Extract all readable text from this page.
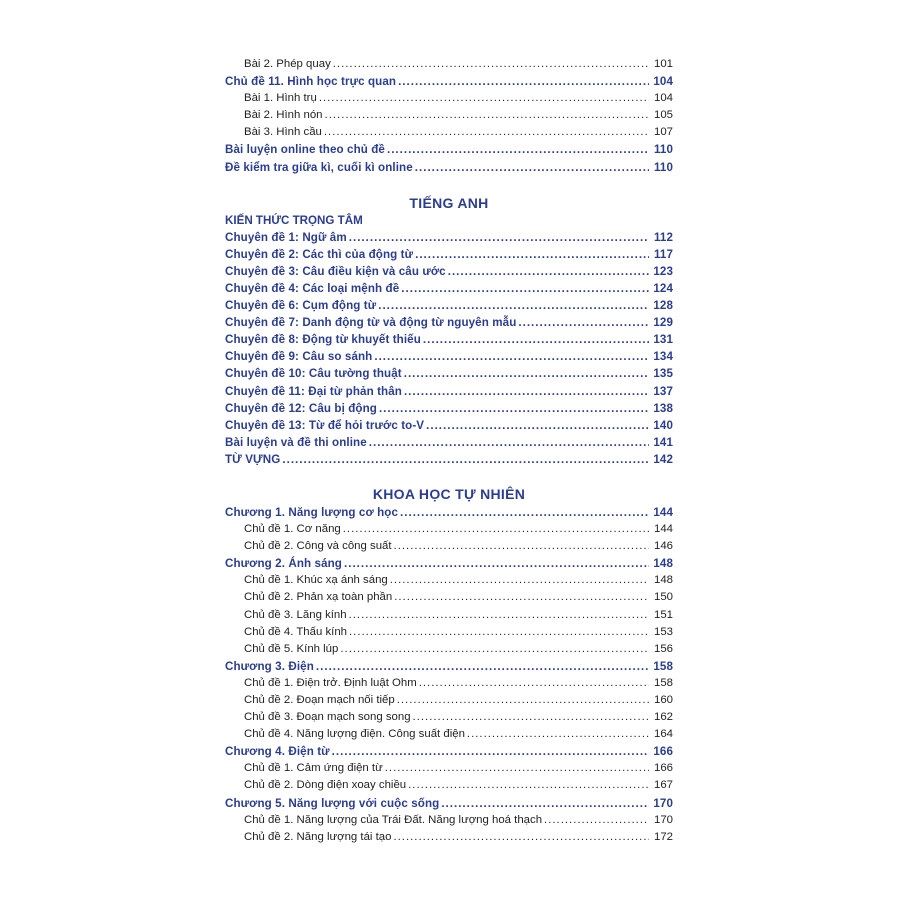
Bài 2. Phép quay .....	101
Chủ đề 11. Hình học trực quan .....	104
Bài 1. Hình trụ .....	104
Bài 2. Hình nón .....	105
Bài 3. Hình cầu .....	107
Bài luyện online theo chủ đề .....	110
Đề kiểm tra giữa kì, cuối kì online .....	110
TIẾNG ANH
KIẾN THỨC TRỌNG TÂM
Chuyên đề 1: Ngữ âm .....	112
Chuyên đề 2: Các thì của động từ .....	117
Chuyên đề 3: Câu điều kiện và câu ước .....	123
Chuyên đề 4: Các loại mệnh đề .....	124
Chuyên đề 6: Cụm động từ .....	128
Chuyên đề 7: Danh động từ và động từ nguyên mẫu .....	129
Chuyên đề 8: Động từ khuyết thiếu .....	131
Chuyên đề 9: Câu so sánh .....	134
Chuyên đề 10: Câu tường thuật .....	135
Chuyên đề 11: Đại từ phản thân .....	137
Chuyên đề 12: Câu bị động .....	138
Chuyên đề 13: Từ để hỏi trước to-V .....	140
Bài luyện và đề thi online .....	141
TỪ VỰNG .....	142
KHOA HỌC TỰ NHIÊN
Chương 1. Năng lượng cơ học .....	144
Chủ đề 1. Cơ năng .....	144
Chủ đề 2. Công và công suất .....	146
Chương 2. Ánh sáng .....	148
Chủ đề 1. Khúc xạ ánh sáng .....	148
Chủ đề 2. Phản xạ toàn phần .....	150
Chủ đề 3. Lăng kính .....	151
Chủ đề 4. Thấu kính .....	153
Chủ đề 5. Kính lúp .....	156
Chương 3. Điện .....	158
Chủ đề 1. Điện trở. Định luật Ohm .....	158
Chủ đề 2. Đoạn mạch nối tiếp .....	160
Chủ đề 3. Đoạn mạch song song .....	162
Chủ đề 4. Năng lượng điện. Công suất điện .....	164
Chương 4. Điện từ .....	166
Chủ đề 1. Cảm ứng điện từ .....	166
Chủ đề 2. Dòng điện xoay chiều .....	167
Chương 5. Năng lượng với cuộc sống .....	170
Chủ đề 1. Năng lượng của Trái Đất. Năng lượng hoá thạch .....	170
Chủ đề 2. Năng lượng tái tạo .....	172
